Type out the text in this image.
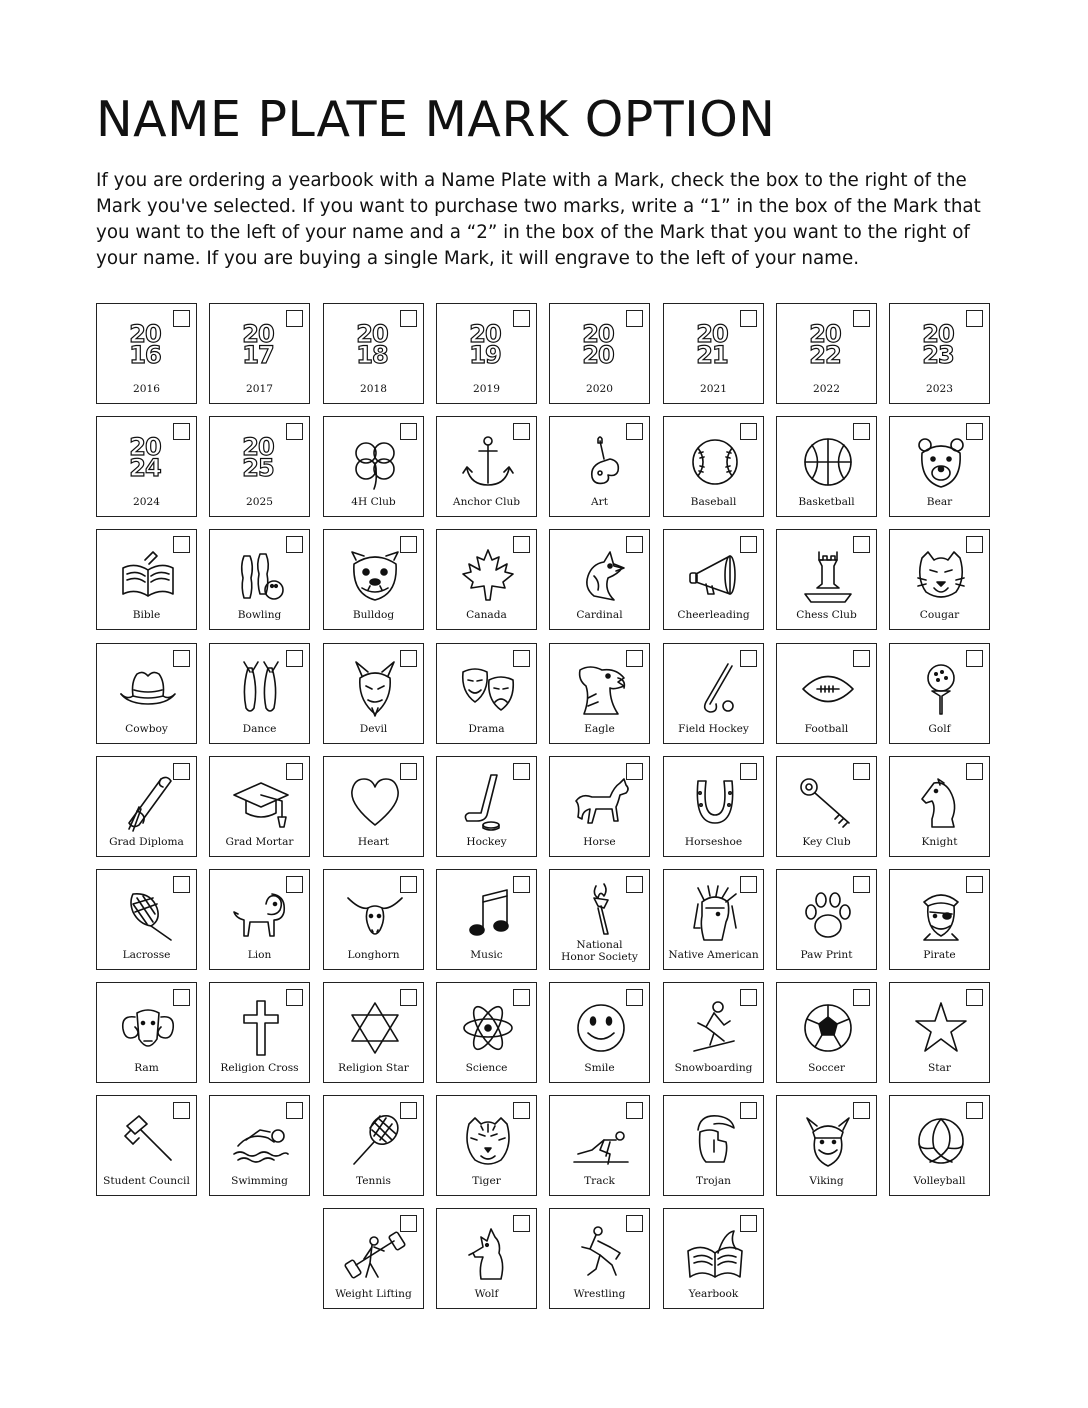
NAME PLATE MARK OPTION

If you are ordering a yearbook with a Name Plate with a Mark, check the box to the right of the Mark you've selected. If you want to purchase two marks, write a “1” in the box of the Mark that you want to the left of your name and a “2” in the box of the Mark that you want to the right of your name. If you are buying a single Mark, it will engrave to the left of your name.

20
16
2016
20
17
2017
20
18
2018
20
19
2019
20
20
2020
20
21
2021
20
22
2022
20
23
2023
20
24
2024
20
25
2025	4H Club	Anchor Club	Art	Baseball	Basketball	Bear
Bible	Bowling	Bulldog	Canada	Cardinal	Cheerleading	Chess Club	Cougar
Cowboy	Dance	Devil	Drama	Eagle	Field Hockey	Football	Golf
Grad Diploma	Grad Mortar	Heart	Hockey	Horse	Horseshoe	Key Club	Knight
Lacrosse	Lion	Longhorn	Music
National
Honor Society	Native American	Paw Print	Pirate
Ram	Religion Cross	Religion Star	Science	Smile	Snowboarding	Soccer	Star
Student Council	Swimming	Tennis	Tiger	Track	Trojan	Viking	Volleyball
Weight Lifting	Wolf	Wrestling	Yearbook
